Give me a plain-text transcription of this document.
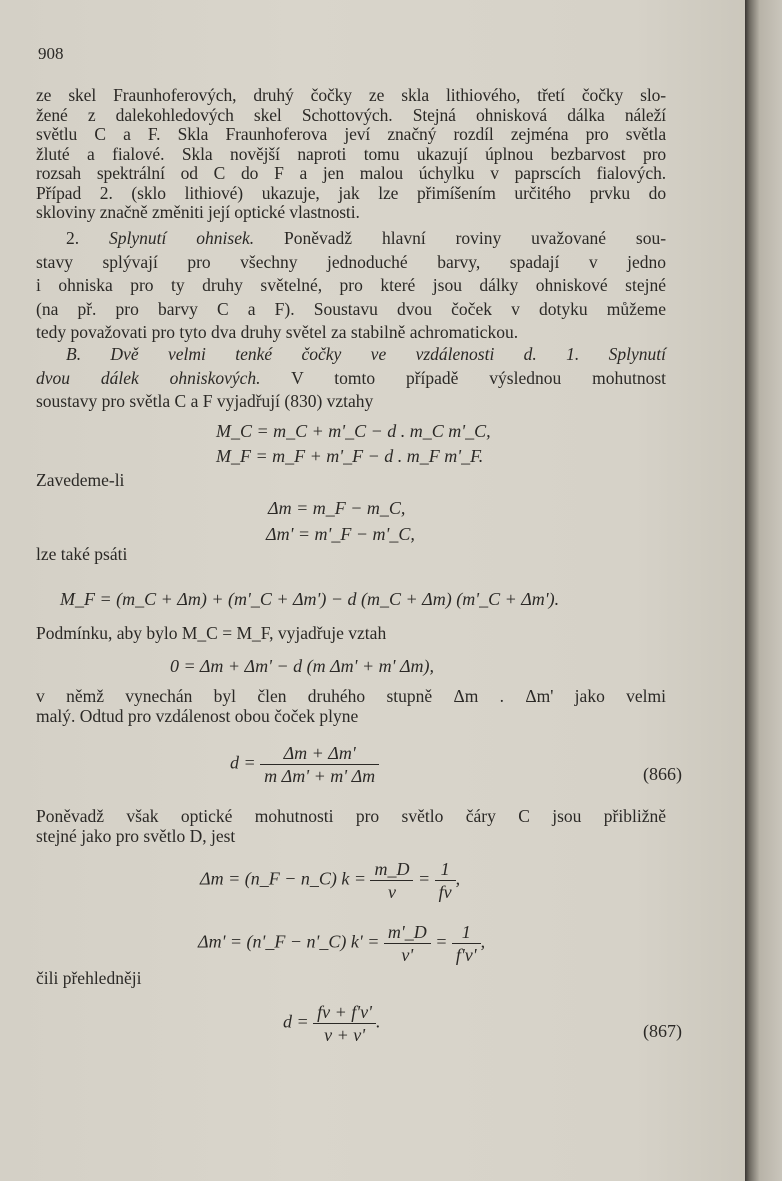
908
ze skel Fraunhoferových, druhý čočky ze skla lithiového, třetí čočky slo-
žené z dalekohledových skel Schottových. Stejná ohnisková dálka náleží
světlu C a F. Skla Fraunhoferova jeví značný rozdíl zejména pro světla
žluté a fialové. Skla novější naproti tomu ukazují úplnou bezbarvost pro
rozsah spektrální od C do F a jen malou úchylku v paprscích fialových.
Případ 2. (sklo lithiové) ukazuje, jak lze přimíšením určitého prvku do
skloviny značně změniti její optické vlastnosti.
2. Splynutí ohnisek. Poněvadž hlavní roviny uvažované sou-
stavy splývají pro všechny jednoduché barvy, spadají v jedno
i ohniska pro ty druhy světelné, pro které jsou dálky ohniskové stejné
(na př. pro barvy C a F). Soustavu dvou čoček v dotyku můžeme
tedy považovati pro tyto dva druhy světel za stabilně achromatickou.
B. Dvě velmi tenké čočky ve vzdálenosti d. 1. Splynutí
dvou dálek ohniskových. V tomto případě výslednou mohutnost
soustavy pro světla C a F vyjadřují (830) vztahy
M_C = m_C + m'_C − d . m_C m'_C,
M_F = m_F + m'_F − d . m_F m'_F.
Zavedeme-li
Δm = m_F − m_C,
Δm' = m'_F − m'_C,
lze také psáti
M_F = (m_C + Δm) + (m'_C + Δm') − d (m_C + Δm) (m'_C + Δm').
Podmínku, aby bylo M_C = M_F, vyjadřuje vztah
0 = Δm + Δm' − d (m Δm' + m' Δm),
v němž vynechán byl člen druhého stupně Δm . Δm' jako velmi
malý. Odtud pro vzdálenost obou čoček plyne
$d = \frac{\Delta m + \Delta m'}{\text{m Δm' + m' Δm}}$	(866)
Poněvadž však optické mohutnosti pro světlo čáry C jsou přibližně
stejné jako pro světlo D, jest
Δm = (n_F − n_C) $k = \frac{m\_D}{\nu} = \frac{1}{f\nu}$ ,
Δm' = (n'_F − n'_C) $k' = \frac{m'\_D}{\nu'} = \frac{1}{f'\nu'}$ ,
čili přehledněji
$d = \frac{f\nu + f'\nu'}{\nu + \nu'}$ .	(867)
